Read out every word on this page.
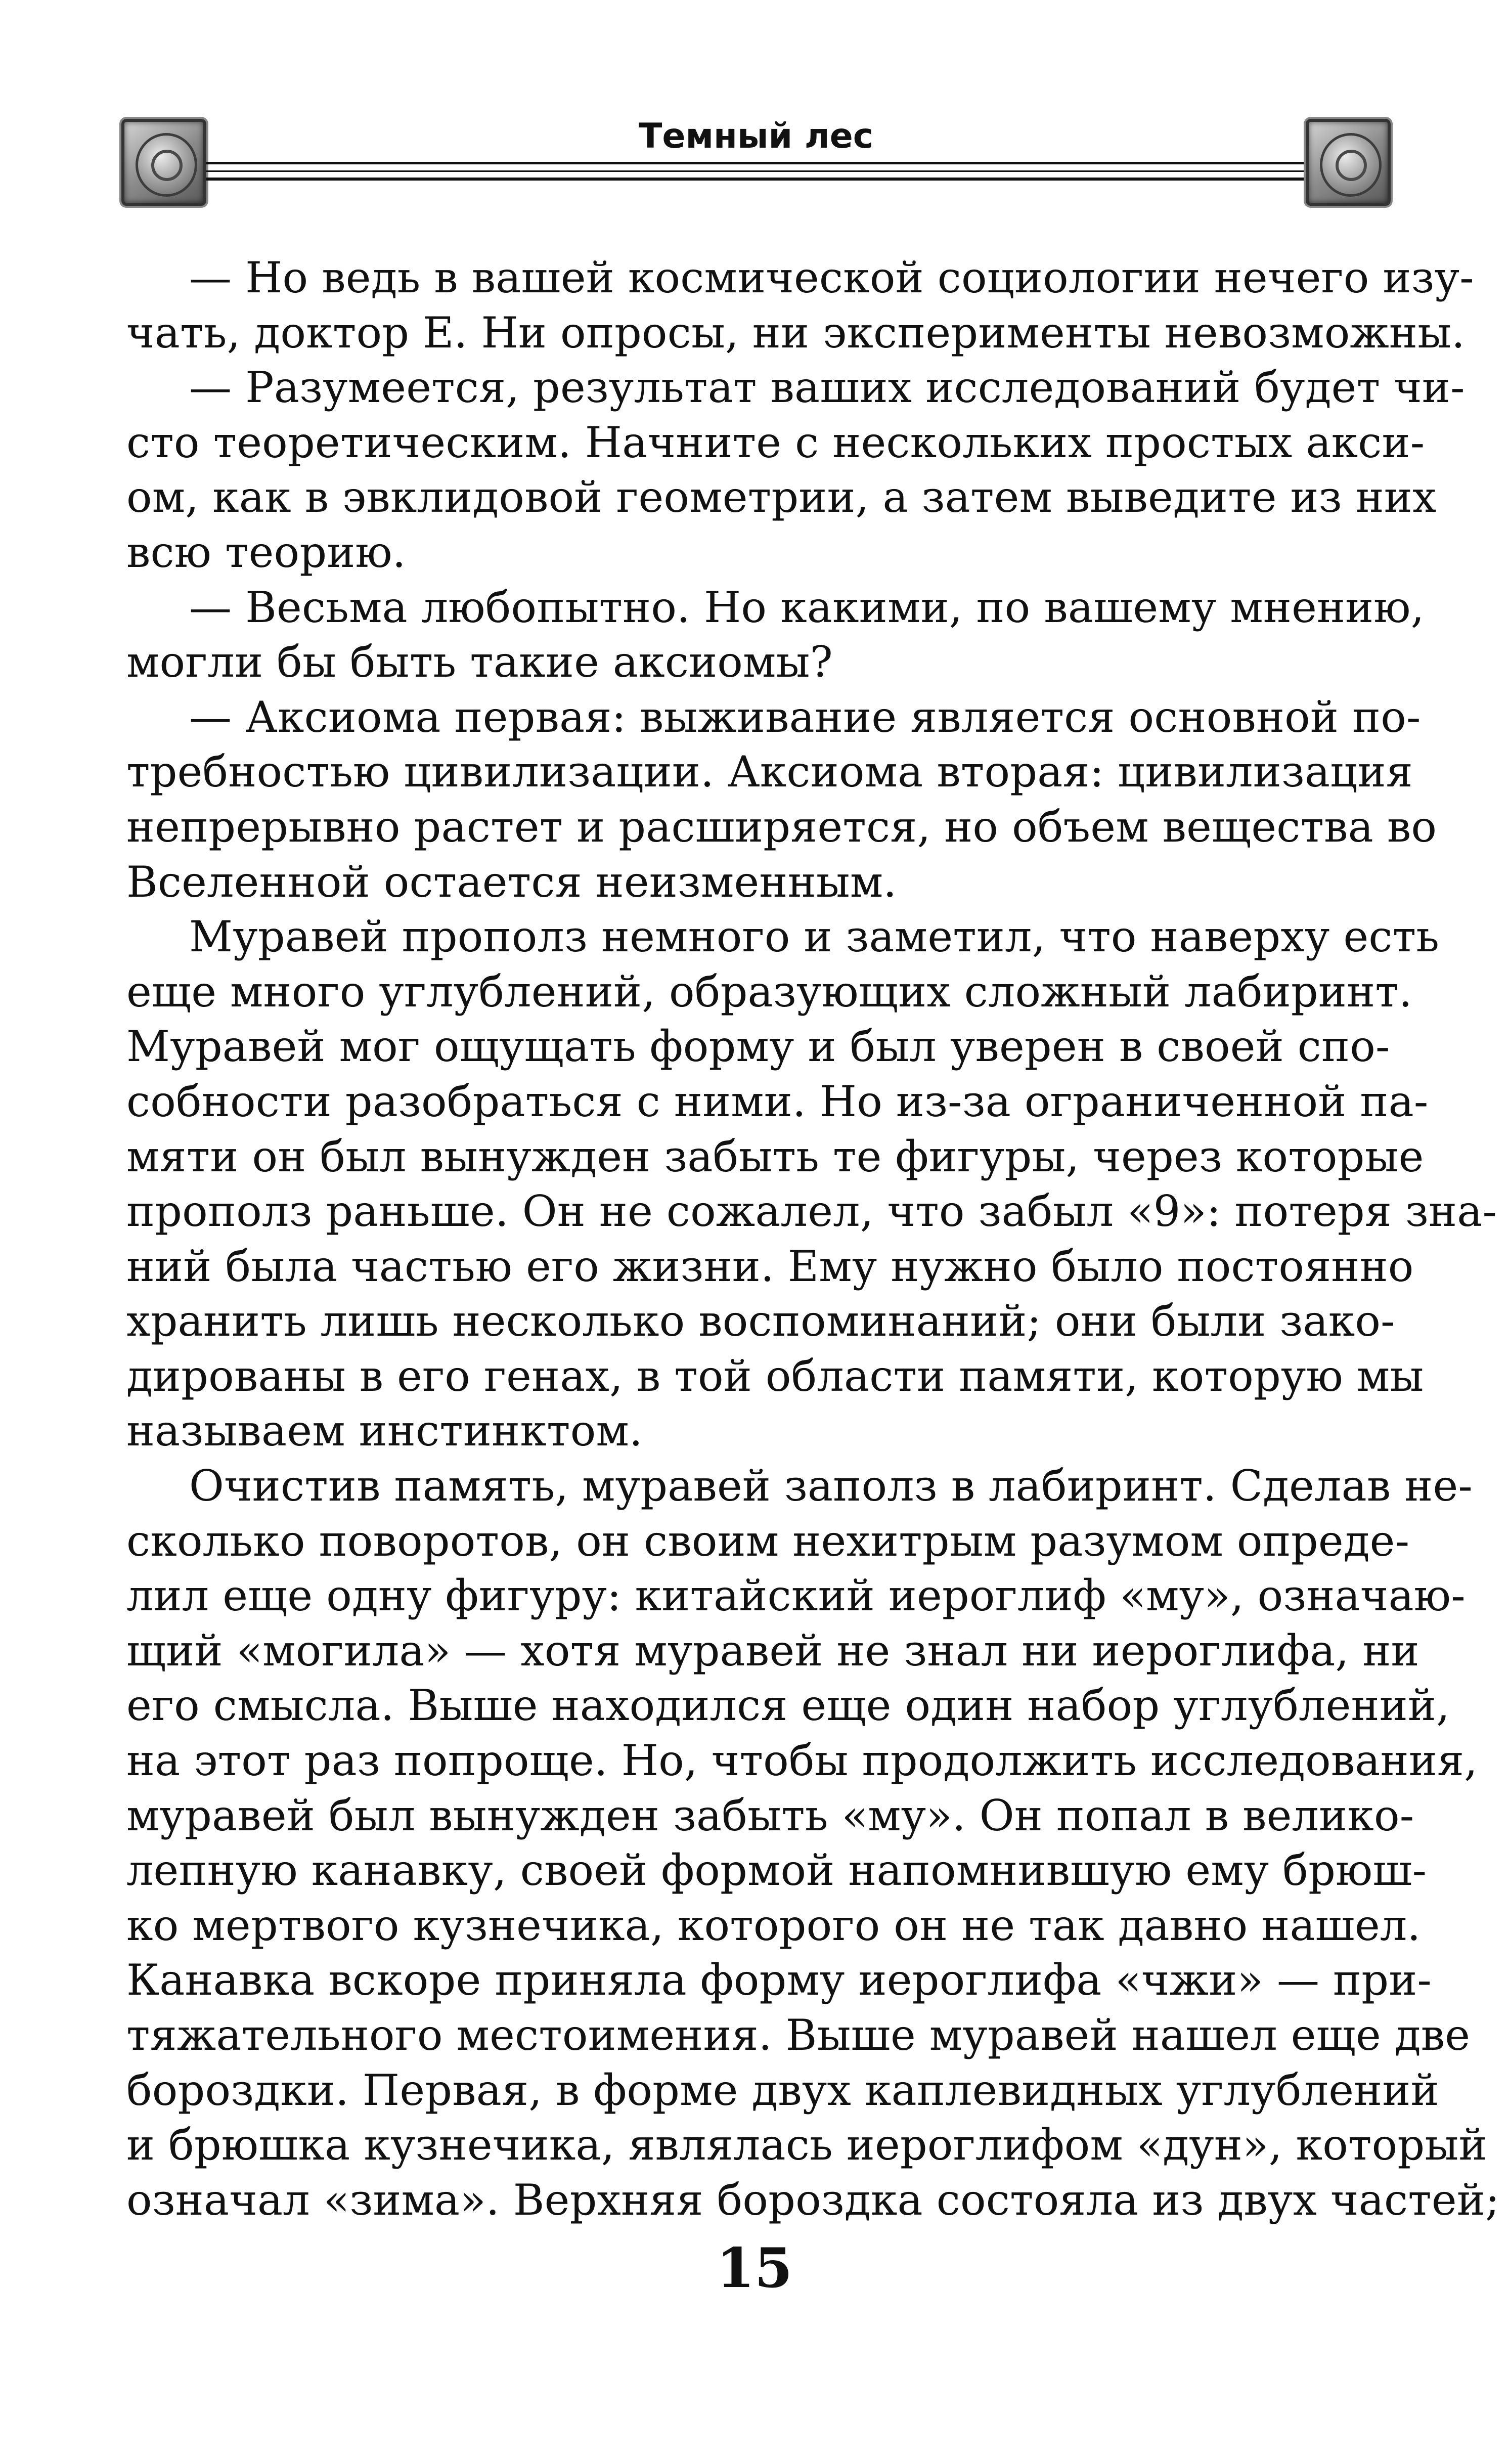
Темный лес

— Но ведь в вашей космической социологии нечего изу-
чать, доктор Е. Ни опросы, ни эксперименты невозможны.

— Разумеется, результат ваших исследований будет чи-
сто теоретическим. Начните с нескольких простых акси-
ом, как в эвклидовой геометрии, а затем выведите из них
всю теорию.

— Весьма любопытно. Но какими, по вашему мнению,
могли бы быть такие аксиомы?

— Аксиома первая: выживание является основной по-
требностью цивилизации. Аксиома вторая: цивилизация
непрерывно растет и расширяется, но объем вещества во
Вселенной остается неизменным.

Муравей прополз немного и заметил, что наверху есть
еще много углублений, образующих сложный лабиринт.
Муравей мог ощущать форму и был уверен в своей спо-
собности разобраться с ними. Но из-за ограниченной па-
мяти он был вынужден забыть те фигуры, через которые
прополз раньше. Он не сожалел, что забыл «9»: потеря зна-
ний была частью его жизни. Ему нужно было постоянно
хранить лишь несколько воспоминаний; они были зако-
дированы в его генах, в той области памяти, которую мы
называем инстинктом.

Очистив память, муравей заполз в лабиринт. Сделав не-
сколько поворотов, он своим нехитрым разумом опреде-
лил еще одну фигуру: китайский иероглиф «му», означаю-
щий «могила» — хотя муравей не знал ни иероглифа, ни
его смысла. Выше находился еще один набор углублений,
на этот раз попроще. Но, чтобы продолжить исследования,
муравей был вынужден забыть «му». Он попал в велико-
лепную канавку, своей формой напомнившую ему брюш-
ко мертвого кузнечика, которого он не так давно нашел.
Канавка вскоре приняла форму иероглифа «чжи» — при-
тяжательного местоимения. Выше муравей нашел еще две
бороздки. Первая, в форме двух каплевидных углублений
и брюшка кузнечика, являлась иероглифом «дун», который
означал «зима». Верхняя бороздка состояла из двух частей;

15
